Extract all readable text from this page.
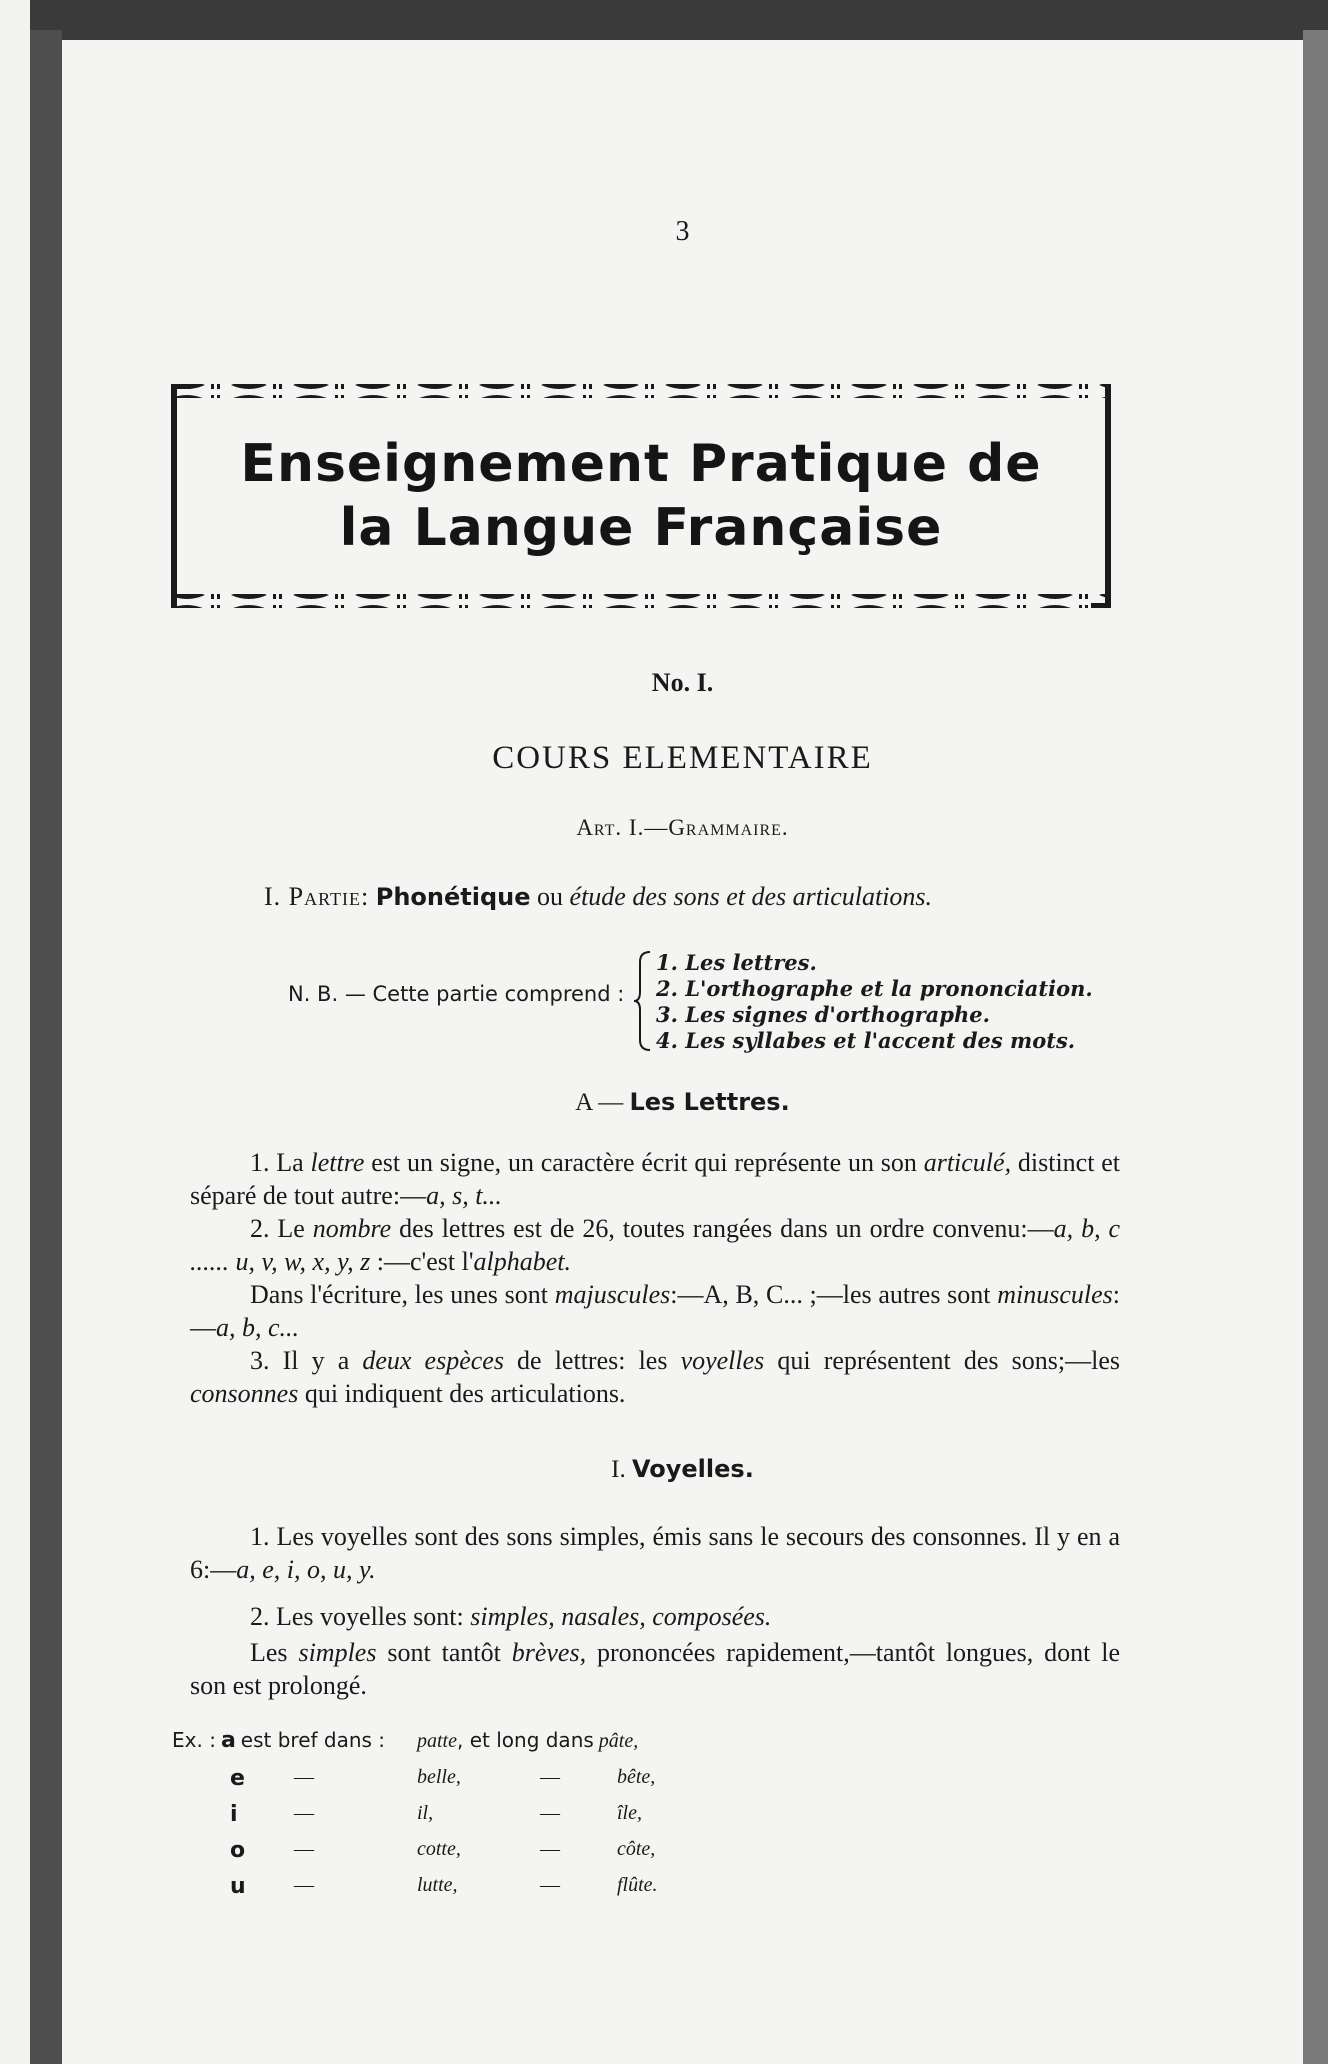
3
Enseignement Pratique de
la Langue Française
No. I.
COURS ELEMENTAIRE
Art. I.—Grammaire.
I. Partie: Phonétique ou étude des sons et des articulations.
N. B. — Cette partie comprend :
1. Les lettres.
2. L'orthographe et la prononciation.
3. Les signes d'orthographe.
4. Les syllabes et l'accent des mots.
A — Les Lettres.
1. La lettre est un signe, un caractère écrit qui représente un son articulé, distinct et séparé de tout autre:—a, s, t...
2. Le nombre des lettres est de 26, toutes rangées dans un ordre convenu:—a, b, c ...... u, v, w, x, y, z :—c'est l'alphabet.
Dans l'écriture, les unes sont majuscules:—A, B, C... ;—les autres sont minuscules:—a, b, c...
3. Il y a deux espèces de lettres: les voyelles qui représentent des sons;—les consonnes qui indiquent des articulations.
I. Voyelles.
1. Les voyelles sont des sons simples, émis sans le secours des consonnes. Il y en a 6:—a, e, i, o, u, y.
2. Les voyelles sont: simples, nasales, composées.
Les simples sont tantôt brèves, prononcées rapidement,—tantôt longues, dont le son est prolongé.
Ex. : a est bref dans : patte, et long dans pâte,
e —	belle,	—	bête,
i	—	il,	—	île,
o —	cotte,	—	côte,
u —	lutte,	—	flûte.
